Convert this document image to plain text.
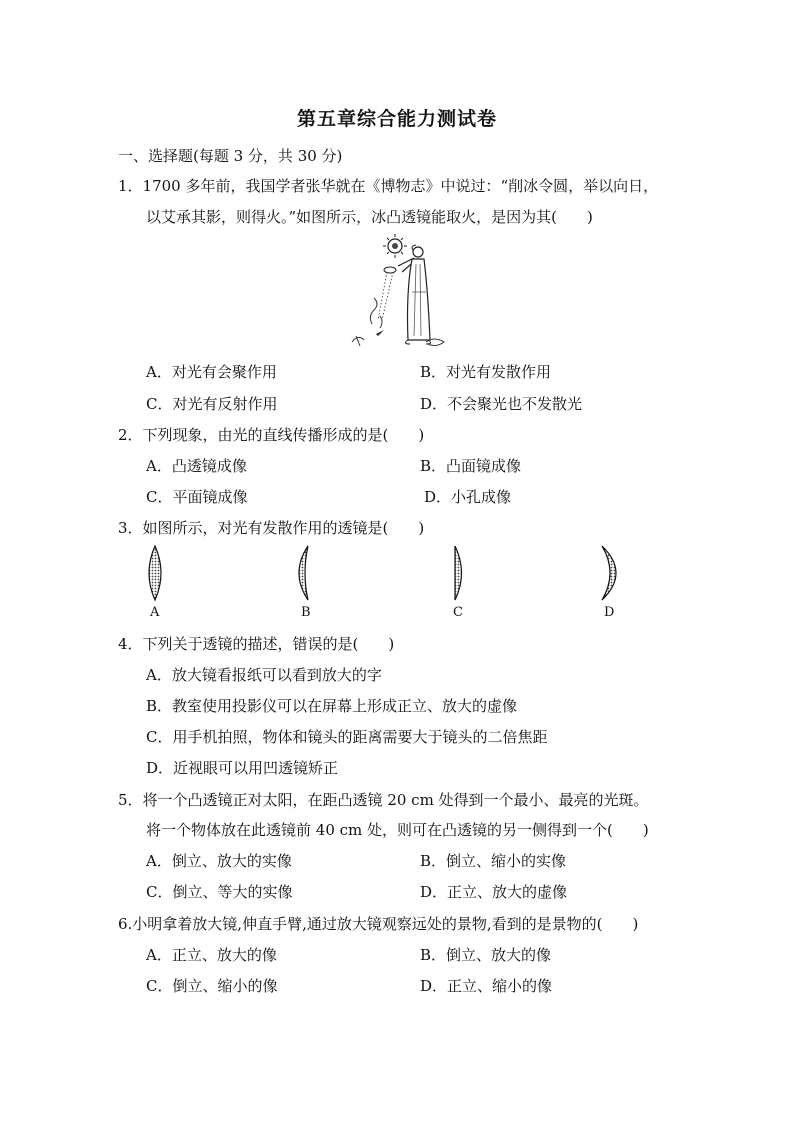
第五章综合能力测试卷
一、选择题(每题 3 分，共 30 分)
1．1700 多年前，我国学者张华就在《博物志》中说过：“削冰令圆，举以向日，
以艾承其影，则得火。”如图所示，冰凸透镜能取火，是因为其(　　)
A．对光有会聚作用	B．对光有发散作用
C．对光有反射作用	D．不会聚光也不发散光
2．下列现象，由光的直线传播形成的是(　　)
A．凸透镜成像	B．凸面镜成像
C．平面镜成像	D．小孔成像
3．如图所示，对光有发散作用的透镜是(　　)
A	B	C	D
4．下列关于透镜的描述，错误的是(　　)
A．放大镜看报纸可以看到放大的字
B．教室使用投影仪可以在屏幕上形成正立、放大的虚像
C．用手机拍照，物体和镜头的距离需要大于镜头的二倍焦距
D．近视眼可以用凹透镜矫正
5．将一个凸透镜正对太阳，在距凸透镜 20 cm 处得到一个最小、最亮的光斑。
将一个物体放在此透镜前 40 cm 处，则可在凸透镜的另一侧得到一个(　　)
A．倒立、放大的实像	B．倒立、缩小的实像
C．倒立、等大的实像	D．正立、放大的虚像
6.小明拿着放大镜,伸直手臂,通过放大镜观察远处的景物,看到的是景物的(　　)
A．正立、放大的像	B．倒立、放大的像
C．倒立、缩小的像	D．正立、缩小的像
